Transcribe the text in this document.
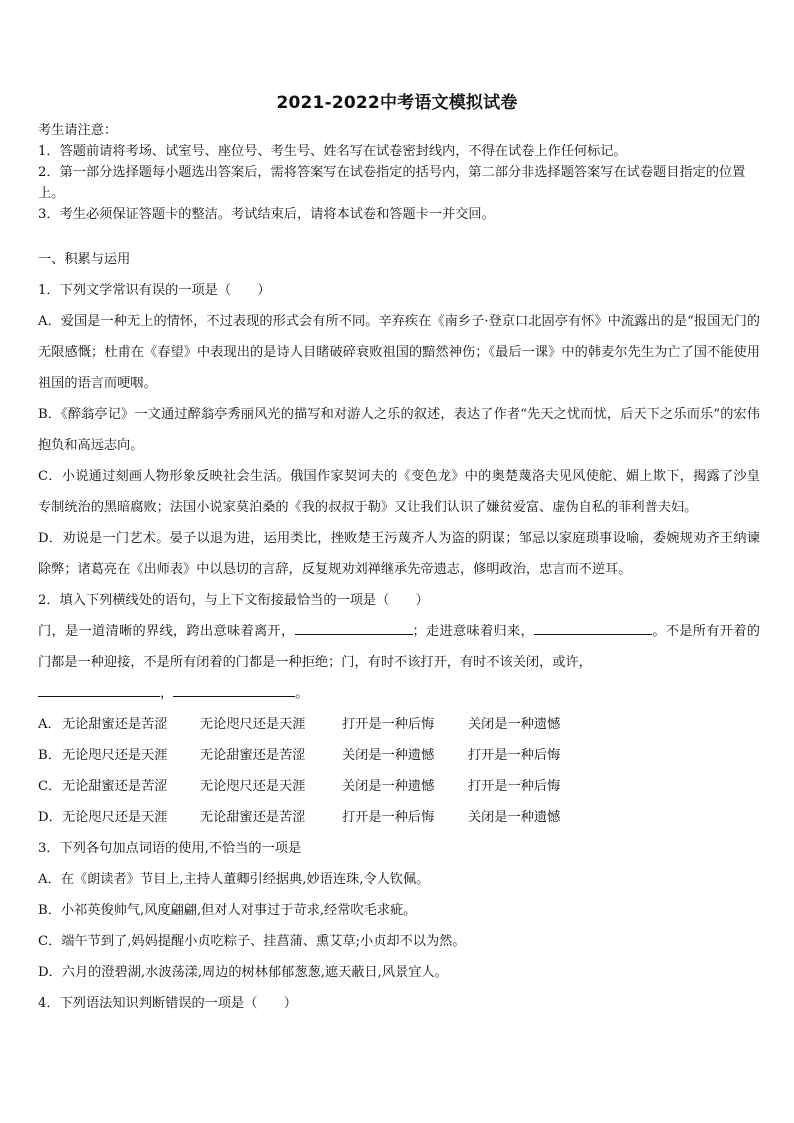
2021-2022中考语文模拟试卷

考生请注意：

1．答题前请将考场、试室号、座位号、考生号、姓名写在试卷密封线内，不得在试卷上作任何标记。

2．第一部分选择题每小题选出答案后，需将答案写在试卷指定的括号内，第二部分非选择题答案写在试卷题目指定的位置上。

3．考生必须保证答题卡的整洁。考试结束后，请将本试卷和答题卡一并交回。

一、积累与运用

1．下列文学常识有误的一项是（　　）

A．爱国是一种无上的情怀，不过表现的形式会有所不同。辛弃疾在《南乡子·登京口北固亭有怀》中流露出的是“报国无门的无限感慨；杜甫在《春望》中表现出的是诗人目睹破碎衰败祖国的黯然神伤；《最后一课》中的韩麦尔先生为亡了国不能使用祖国的语言而哽咽。

B．《醉翁亭记》一文通过醉翁亭秀丽风光的描写和对游人之乐的叙述，表达了作者“先天之忧而忧，后天下之乐而乐”的宏伟抱负和高远志向。

C．小说通过刻画人物形象反映社会生活。俄国作家契诃夫的《变色龙》中的奥楚蔑洛夫见风使舵、媚上欺下，揭露了沙皇专制统治的黑暗腐败；法国小说家莫泊桑的《我的叔叔于勒》又让我们认识了嫌贫爱富、虚伪自私的菲利普夫妇。

D．劝说是一门艺术。晏子以退为进，运用类比，挫败楚王污蔑齐人为盗的阴谋；邹忌以家庭琐事设喻，委婉规劝齐王纳谏除弊；诸葛亮在《出师表》中以恳切的言辞，反复规劝刘禅继承先帝遗志，修明政治，忠言而不逆耳。

2．填入下列横线处的语句，与上下文衔接最恰当的一项是（　　）

门，是一道清晰的界线，跨出意味着离开，	；走进意味着归来，	。不是所有开着的门都是一种迎接，不是所有闭着的门都是一种拒绝；门，有时不该打开，有时不该关闭，或许，
，	。

A． 无论甜蜜还是苦涩	无论咫尺还是天涯	打开是一种后悔	关闭是一种遗憾
B． 无论咫尺还是天涯	无论甜蜜还是苦涩	关闭是一种遗憾	打开是一种后悔
C． 无论甜蜜还是苦涩	无论咫尺还是天涯	关闭是一种遗憾	打开是一种后悔
D． 无论咫尺还是天涯	无论甜蜜还是苦涩	打开是一种后悔	关闭是一种遗憾

3．下列各句加点词语的使用,不恰当的一项是

A．在《朗读者》节目上,主持人董卿引经据典,妙语连珠,令人钦佩。

B．小祁英俊帅气,风度翩翩,但对人对事过于苛求,经常吹毛求疵。

C．端午节到了,妈妈提醒小贞吃粽子、挂菖蒲、熏艾草;小贞却不以为然。

D．六月的澄碧湖,水波荡漾,周边的树林郁郁葱葱,遮天蔽日,风景宜人。

4．下列语法知识判断错误的一项是（　　）
